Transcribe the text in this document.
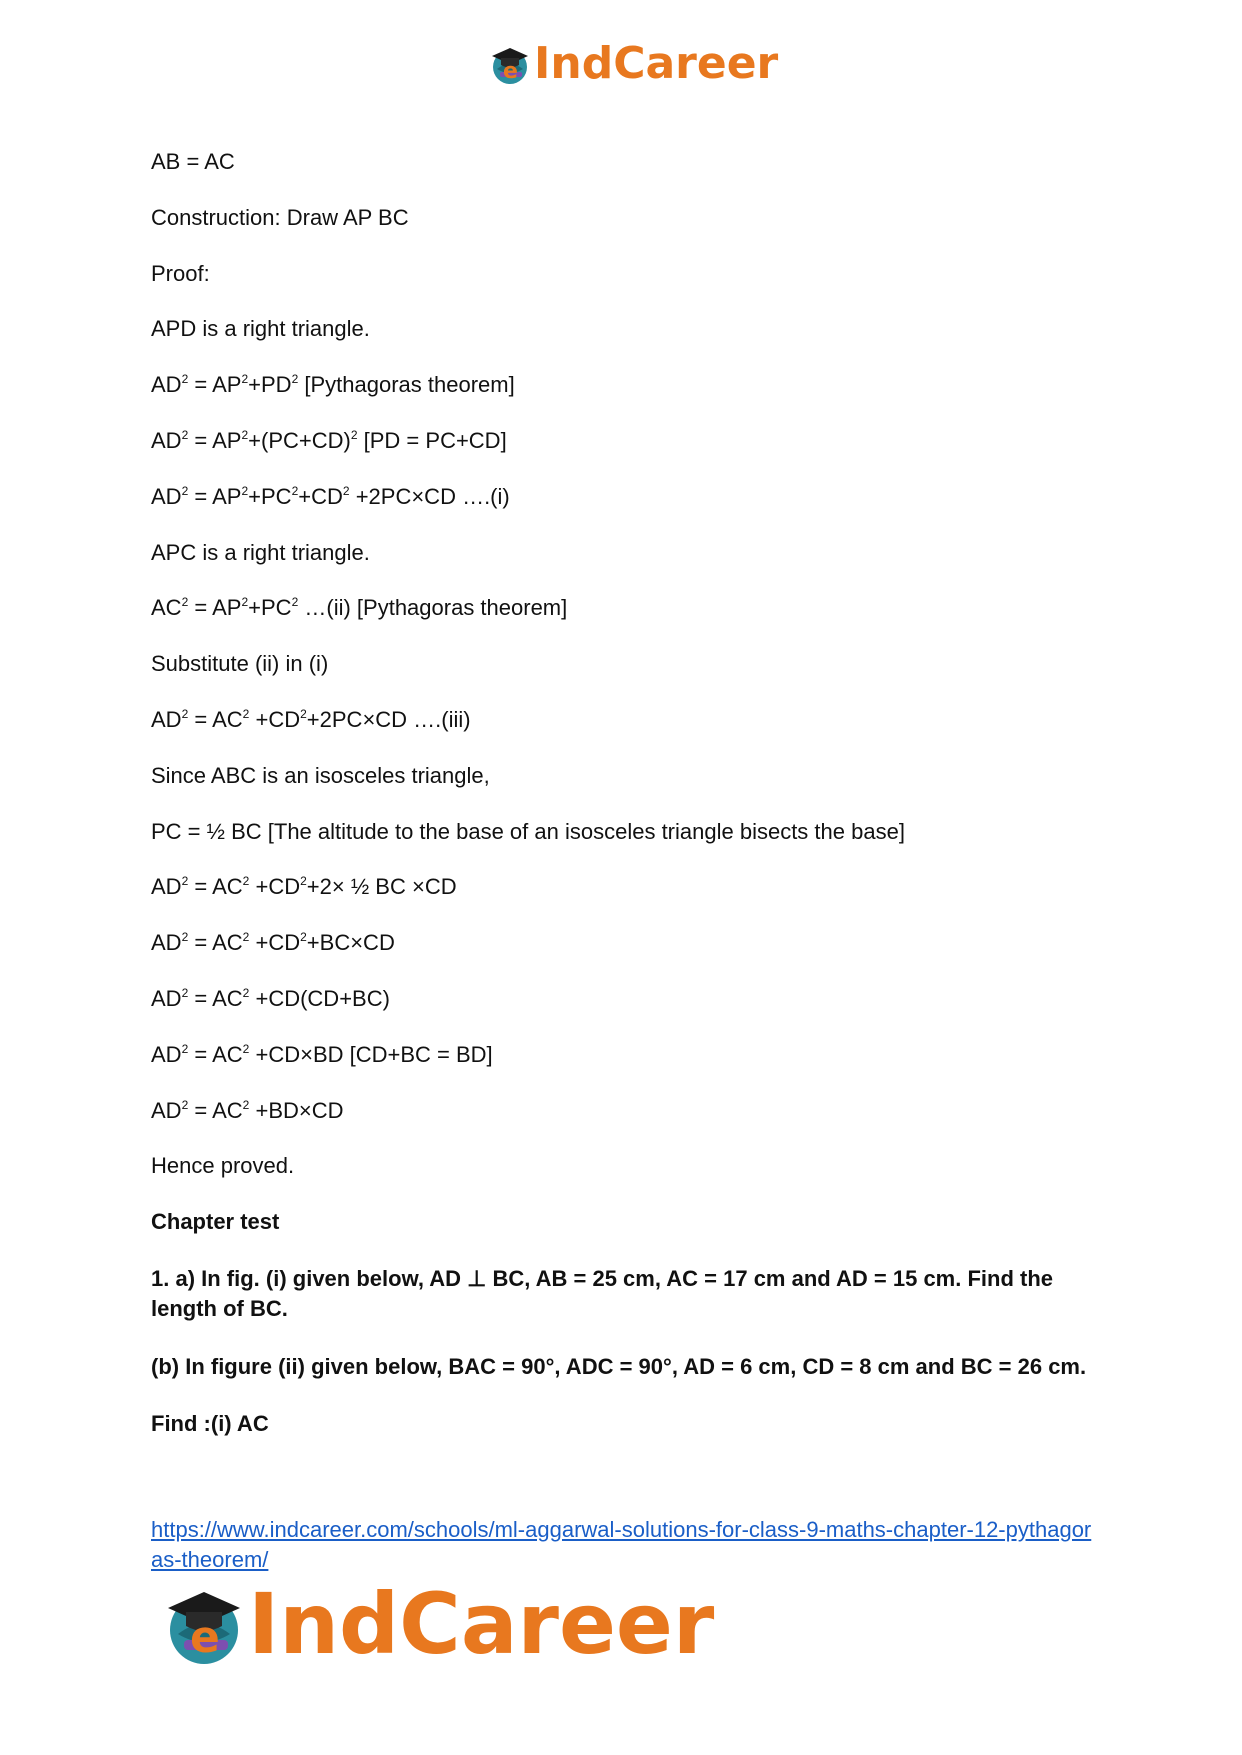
e IndCareer
AB = AC
Construction: Draw AP BC
Proof:
APD is a right triangle.
$AD^2 = AP^2+PD^2$ [Pythagoras theorem]
$AD^2 = AP^2+(PC+CD)^2$ [PD = PC+CD]
$AD^2 = AP^2+PC^2+CD^2 +2PC\times CD$ ….(i)
APC is a right triangle.
$AC^2 = AP^2+PC^2$ …(ii) [Pythagoras theorem]
Substitute (ii) in (i)
$AD^2 = AC^2 +CD^2+2PC\times CD$ ….(iii)
Since ABC is an isosceles triangle,
PC = ½ BC [The altitude to the base of an isosceles triangle bisects the base]
$AD^2 = AC^2 +CD^2+2\times$ ½ BC ×CD
$AD^2 = AC^2 +CD^2+BC\times CD$
$AD^2 = AC^2 +CD(CD+BC)$
$AD^2 = AC^2 +CD\times BD$ [CD+BC = BD]
$AD^2 = AC^2 +BD\times CD$
Hence proved.
Chapter test
1. a) In fig. (i) given below, AD ⊥ BC, AB = 25 cm, AC = 17 cm and AD = 15 cm. Find the length of BC.
(b) In figure (ii) given below, BAC = 90°, ADC = 90°, AD = 6 cm, CD = 8 cm and BC = 26 cm.
Find :(i) AC
https://www.indcareer.com/schools/ml-aggarwal-solutions-for-class-9-maths-chapter-12-pythagoras-theorem/
e IndCareer
